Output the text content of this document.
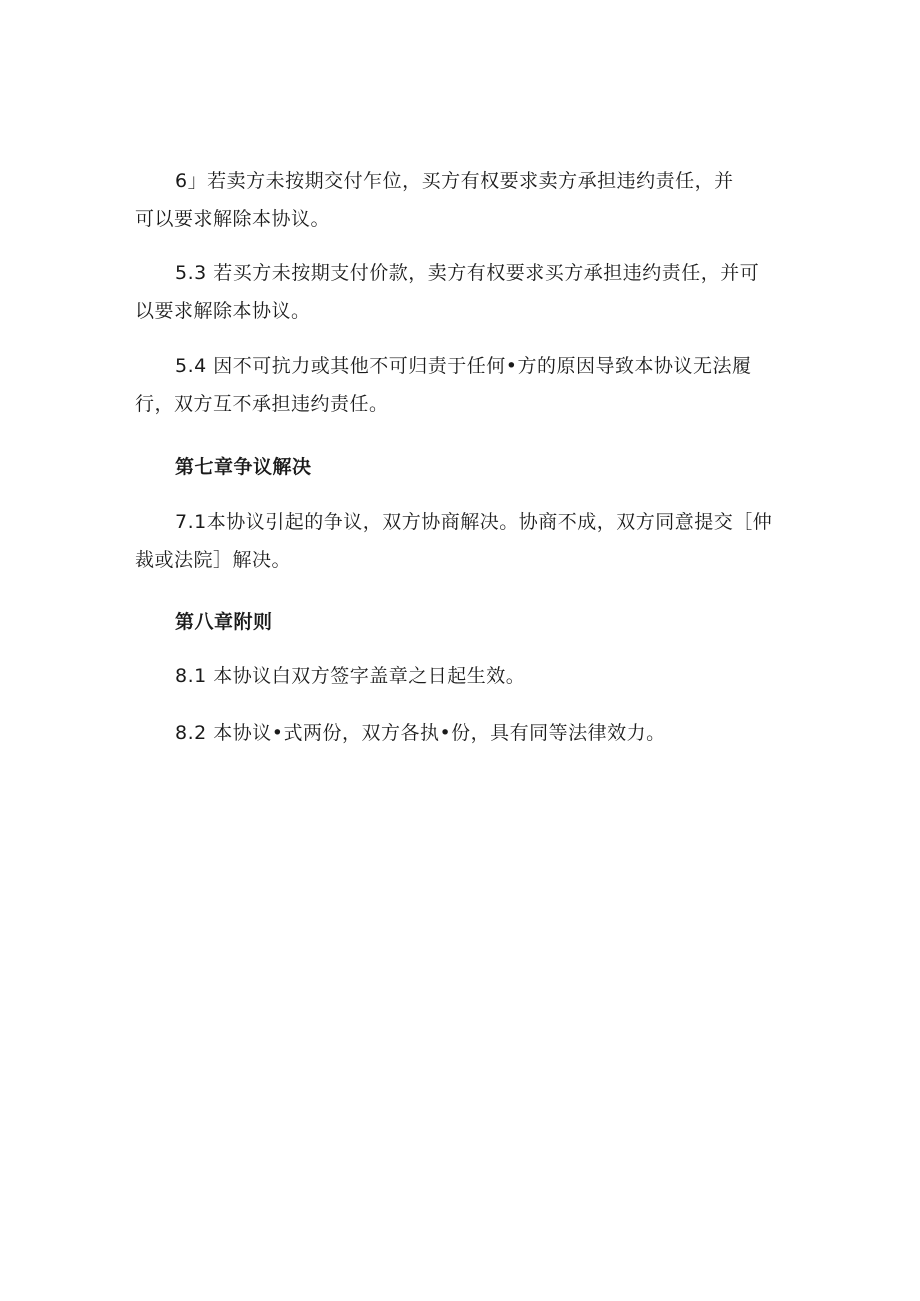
6」若卖方未按期交付乍位，买方有权要求卖方承担违约责任，并
可以要求解除本协议。
5.3 若买方未按期支付价款，卖方有权要求买方承担违约责任，并可
以要求解除本协议。
5.4 因不可抗力或其他不可归责于任何•方的原因导致本协议无法履
行，双方互不承担违约责任。
第七章争议解决
7.1本协议引起的争议，双方协商解决。协商不成，双方同意提交［仲
裁或法院］解决。
第八章附则
8.1 本协议白双方签字盖章之日起生效。
8.2 本协议•式两份，双方各执•份，具有同等法律效力。
